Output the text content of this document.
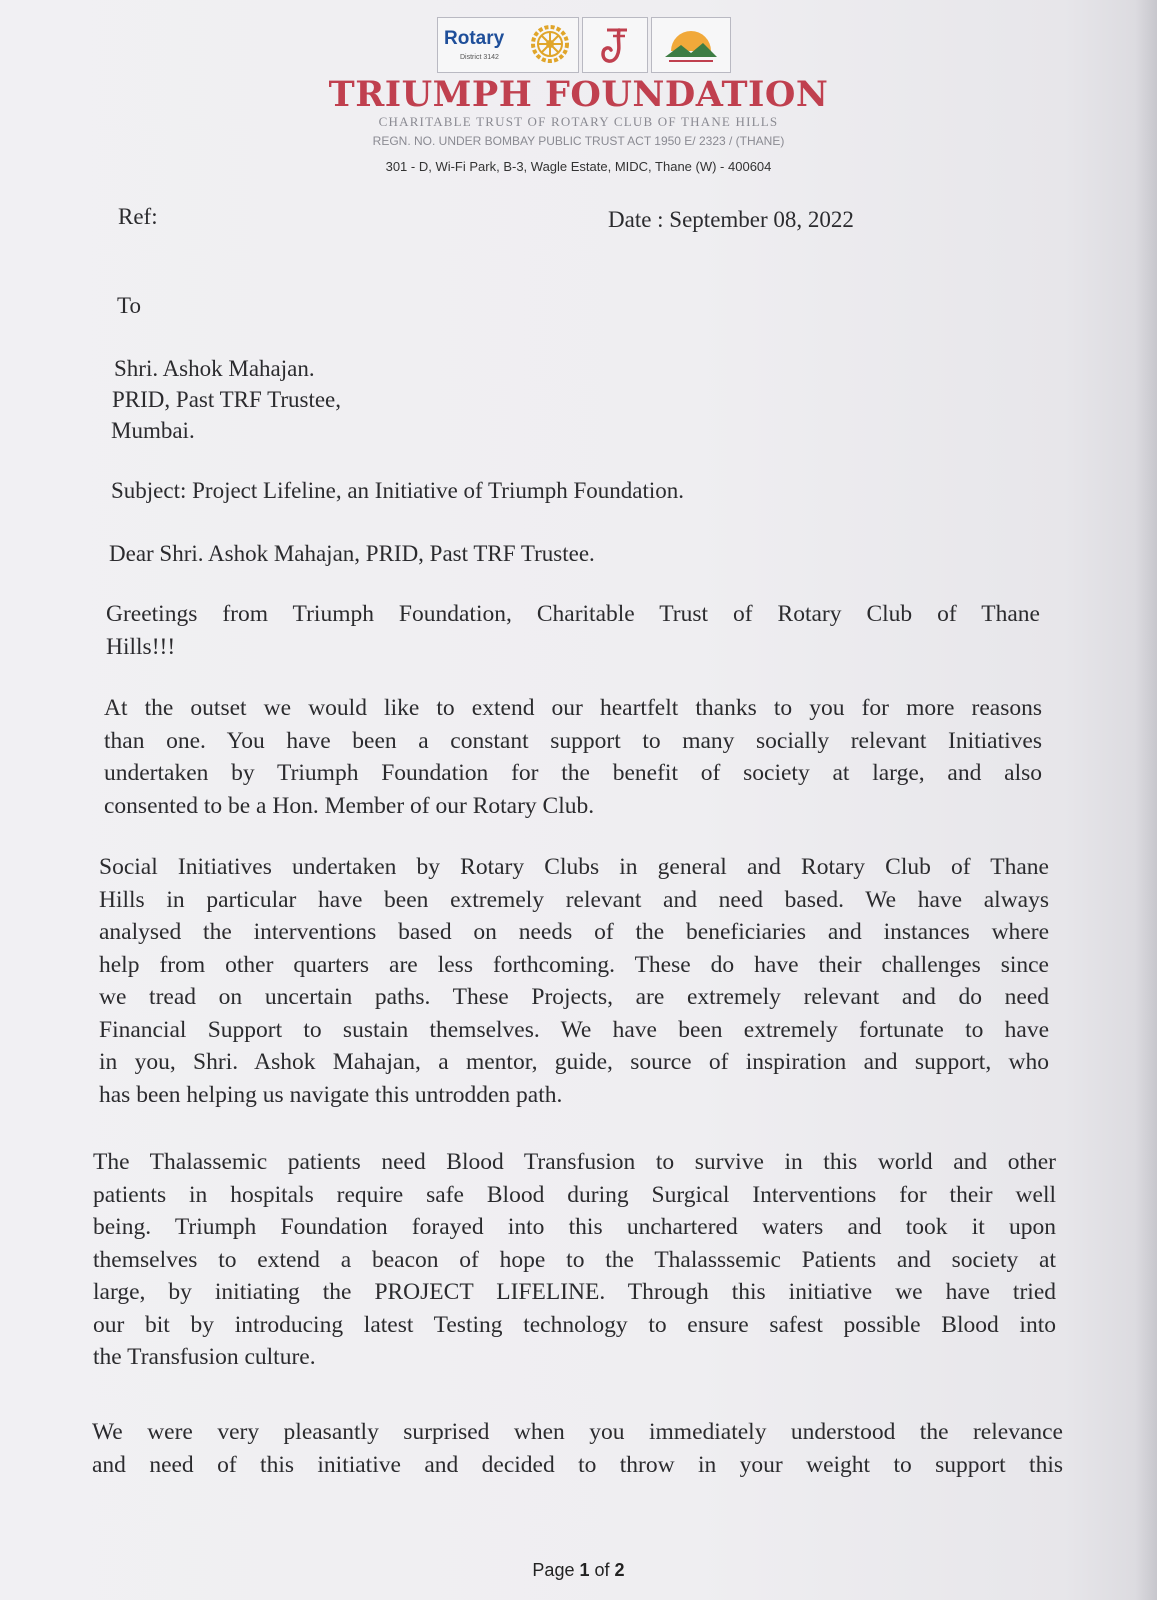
Rotary
District 3142
TRIUMPH FOUNDATION
CHARITABLE TRUST OF ROTARY CLUB OF THANE HILLS
REGN. NO. UNDER BOMBAY PUBLIC TRUST ACT 1950 E/ 2323 / (THANE)
301 - D, Wi-Fi Park, B-3, Wagle Estate, MIDC, Thane (W) - 400604
Ref:	Date : September 08, 2022
To
Shri. Ashok Mahajan.
PRID, Past TRF Trustee,
Mumbai.
Subject: Project Lifeline, an Initiative of Triumph Foundation.
Dear Shri. Ashok Mahajan, PRID, Past TRF Trustee.
Greetings from Triumph Foundation, Charitable Trust of Rotary Club of Thane
Hills!!!
At the outset we would like to extend our heartfelt thanks to you for more reasons
than one. You have been a constant support to many socially relevant Initiatives
undertaken by Triumph Foundation for the benefit of society at large, and also
consented to be a Hon. Member of our Rotary Club.
Social Initiatives undertaken by Rotary Clubs in general and Rotary Club of Thane
Hills in particular have been extremely relevant and need based. We have always
analysed the interventions based on needs of the beneficiaries and instances where
help from other quarters are less forthcoming. These do have their challenges since
we tread on uncertain paths. These Projects, are extremely relevant and do need
Financial Support to sustain themselves. We have been extremely fortunate to have
in you, Shri. Ashok Mahajan, a mentor, guide, source of inspiration and support, who
has been helping us navigate this untrodden path.
The Thalassemic patients need Blood Transfusion to survive in this world and other
patients in hospitals require safe Blood during Surgical Interventions for their well
being. Triumph Foundation forayed into this unchartered waters and took it upon
themselves to extend a beacon of hope to the Thalasssemic Patients and society at
large, by initiating the PROJECT LIFELINE. Through this initiative we have tried
our bit by introducing latest Testing technology to ensure safest possible Blood into
the Transfusion culture.
We were very pleasantly surprised when you immediately understood the relevance
and need of this initiative and decided to throw in your weight to support this
Page 1 of 2
